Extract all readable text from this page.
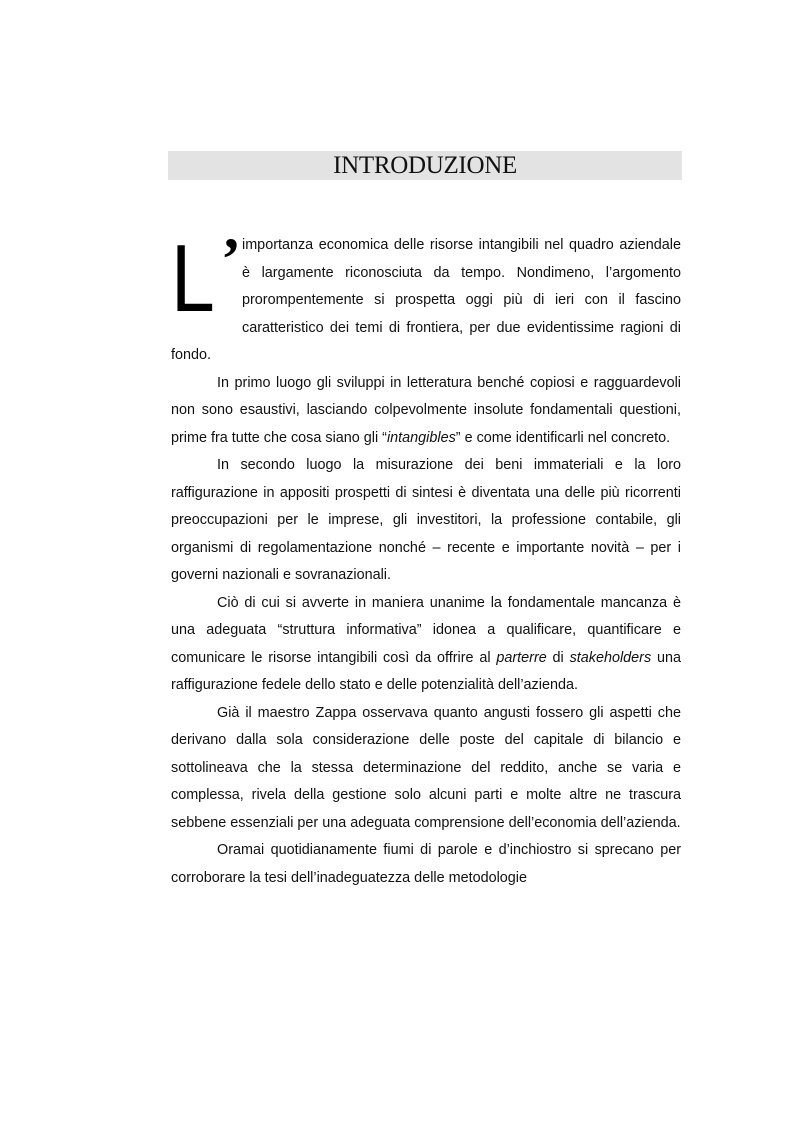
INTRODUZIONE

L ’ importanza economica delle risorse intangibili nel quadro aziendale è largamente riconosciuta da tempo. Nondimeno, l’argomento prorompentemente si prospetta oggi più di ieri con il fascino caratteristico dei temi di frontiera, per due evidentissime ragioni di fondo.

In primo luogo gli sviluppi in letteratura benché copiosi e ragguardevoli non sono esaustivi, lasciando colpevolmente insolute fondamentali questioni, prime fra tutte che cosa siano gli “intangibles” e come identificarli nel concreto.

In secondo luogo la misurazione dei beni immateriali e la loro raffigurazione in appositi prospetti di sintesi è diventata una delle più ricorrenti preoccupazioni per le imprese, gli investitori, la professione contabile, gli organismi di regolamentazione nonché – recente e importante novità – per i governi nazionali e sovranazionali.

Ciò di cui si avverte in maniera unanime la fondamentale mancanza è una adeguata “struttura informativa” idonea a qualificare, quantificare e comunicare le risorse intangibili così da offrire al parterre di stakeholders una raffigurazione fedele dello stato e delle potenzialità dell’azienda.

Già il maestro Zappa osservava quanto angusti fossero gli aspetti che derivano dalla sola considerazione delle poste del capitale di bilancio e sottolineava che la stessa determinazione del reddito, anche se varia e complessa, rivela della gestione solo alcuni parti e molte altre ne trascura sebbene essenziali per una adeguata comprensione dell’economia dell’azienda.

Oramai quotidianamente fiumi di parole e d’inchiostro si sprecano per corroborare la tesi dell’inadeguatezza delle metodologie
